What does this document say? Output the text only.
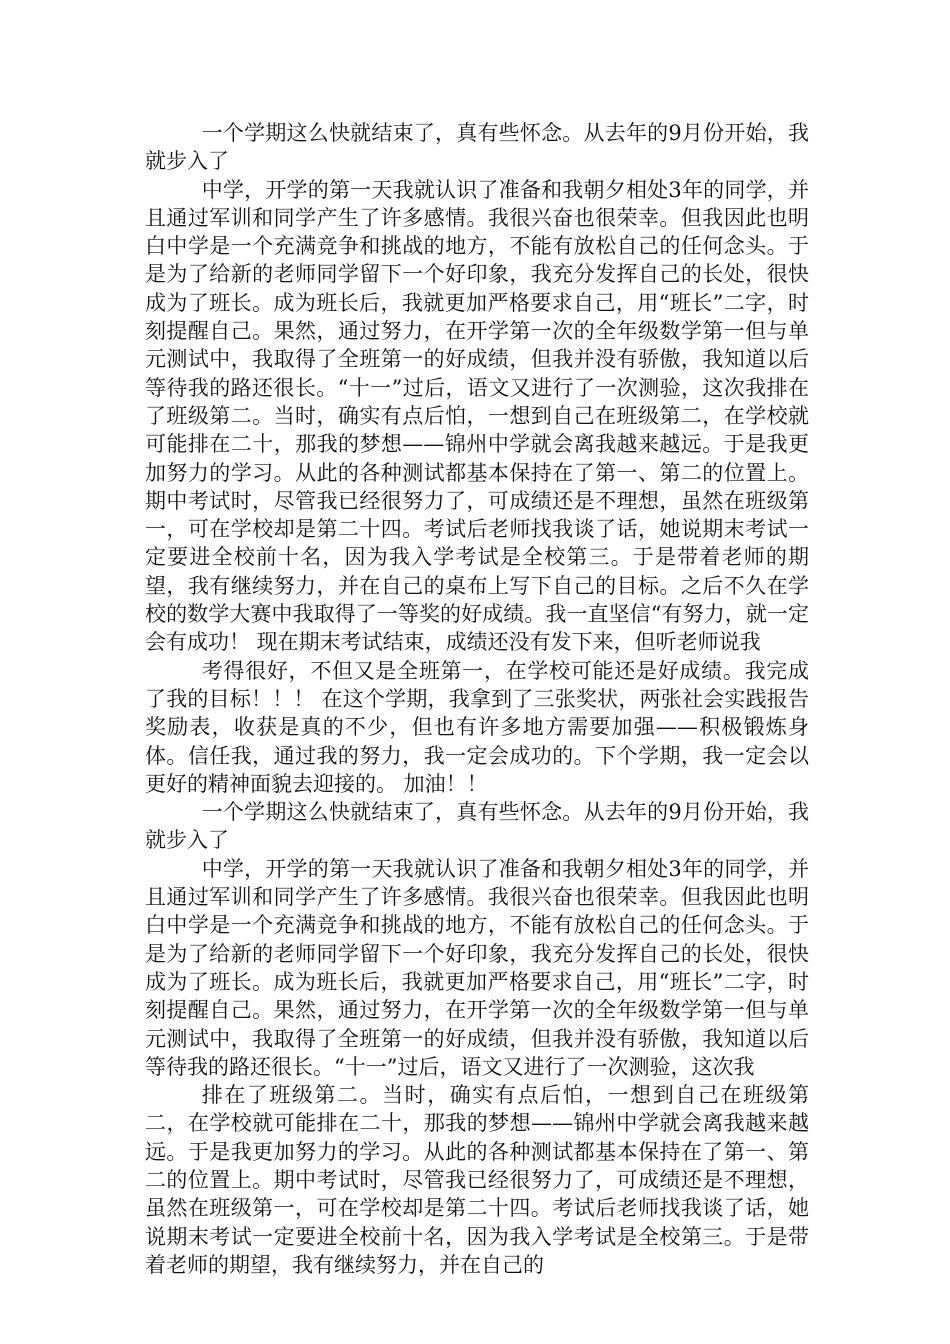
一个学期这么快就结束了，真有些怀念。从去年的9月份开始，我就步入了

中学，开学的第一天我就认识了准备和我朝夕相处3年的同学，并且通过军训和同学产生了许多感情。我很兴奋也很荣幸。但我因此也明白中学是一个充满竞争和挑战的地方，不能有放松自己的任何念头。于是为了给新的老师同学留下一个好印象，我充分发挥自己的长处，很快成为了班长。成为班长后，我就更加严格要求自己，用“班长”二字，时刻提醒自己。果然，通过努力，在开学第一次的全年级数学第一但与单元测试中，我取得了全班第一的好成绩，但我并没有骄傲，我知道以后等待我的路还很长。“十一”过后，语文又进行了一次测验，这次我排在了班级第二。当时，确实有点后怕，一想到自己在班级第二，在学校就可能排在二十，那我的梦想——锦州中学就会离我越来越远。于是我更加努力的学习。从此的各种测试都基本保持在了第一、第二的位置上。期中考试时，尽管我已经很努力了，可成绩还是不理想，虽然在班级第一，可在学校却是第二十四。考试后老师找我谈了话，她说期末考试一定要进全校前十名，因为我入学考试是全校第三。于是带着老师的期望，我有继续努力，并在自己的桌布上写下自己的目标。之后不久在学校的数学大赛中我取得了一等奖的好成绩。我一直坚信“有努力，就一定会有成功！ 现在期末考试结束，成绩还没有发下来，但听老师说我

考得很好，不但又是全班第一，在学校可能还是好成绩。我完成了我的目标！！！ 在这个学期，我拿到了三张奖状，两张社会实践报告奖励表，收获是真的不少，但也有许多地方需要加强——积极锻炼身体。信任我，通过我的努力，我一定会成功的。下个学期，我一定会以更好的精神面貌去迎接的。 加油！！

一个学期这么快就结束了，真有些怀念。从去年的9月份开始，我就步入了

中学，开学的第一天我就认识了准备和我朝夕相处3年的同学，并且通过军训和同学产生了许多感情。我很兴奋也很荣幸。但我因此也明白中学是一个充满竞争和挑战的地方，不能有放松自己的任何念头。于是为了给新的老师同学留下一个好印象，我充分发挥自己的长处，很快成为了班长。成为班长后，我就更加严格要求自己，用“班长”二字，时刻提醒自己。果然，通过努力，在开学第一次的全年级数学第一但与单元测试中，我取得了全班第一的好成绩，但我并没有骄傲，我知道以后等待我的路还很长。“十一”过后，语文又进行了一次测验，这次我

排在了班级第二。当时，确实有点后怕，一想到自己在班级第二，在学校就可能排在二十，那我的梦想——锦州中学就会离我越来越远。于是我更加努力的学习。从此的各种测试都基本保持在了第一、第二的位置上。期中考试时，尽管我已经很努力了，可成绩还是不理想，虽然在班级第一，可在学校却是第二十四。考试后老师找我谈了话，她说期末考试一定要进全校前十名，因为我入学考试是全校第三。于是带着老师的期望，我有继续努力，并在自己的
